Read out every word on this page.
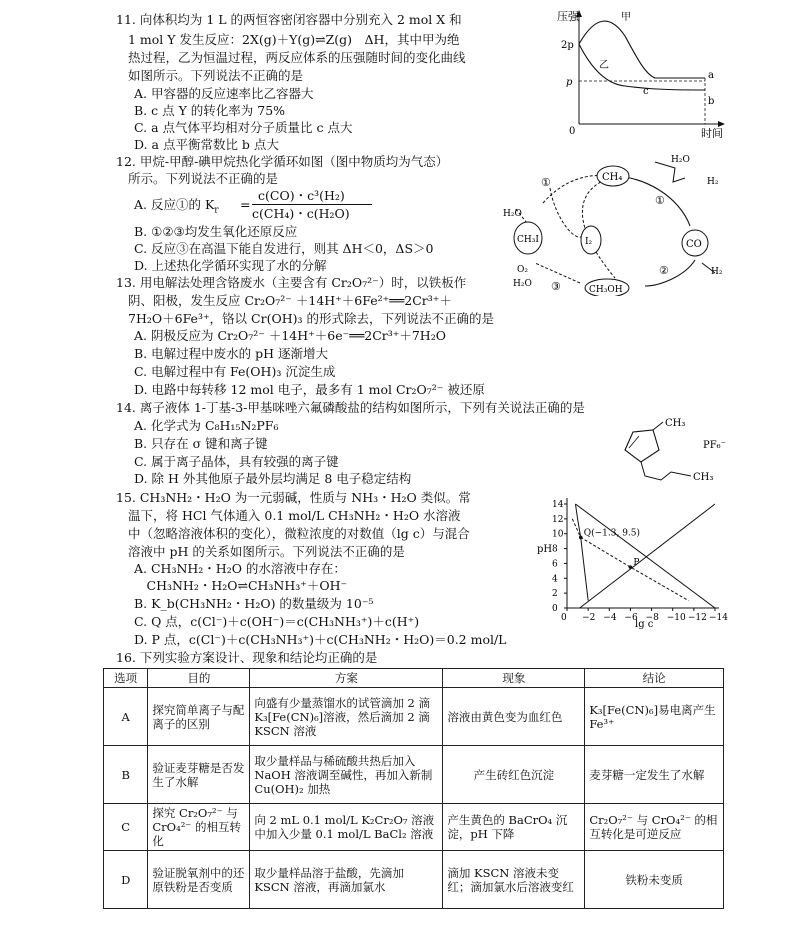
11. 向体积均为 1 L 的两恒容密闭容器中分别充入 2 mol X 和
1 mol Y 发生反应：2X(g)＋Y(g)⇌Z(g)　ΔH，其中甲为绝
热过程，乙为恒温过程，两反应体系的压强随时间的变化曲线
如图所示。下列说法不正确的是
A. 甲容器的反应速率比乙容器大
B. c 点 Y 的转化率为 75%
C. a 点气体平均相对分子质量比 c 点大
D. a 点平衡常数比 b 点大
压强
时间
0
2p
p
甲
乙
a
b
c
12. 甲烷-甲醇-碘甲烷热化学循环如图（图中物质均为气态）
所示。下列说法不正确的是
A. 反应①的 $K_r$ =
c(CO)・c³(H₂)
c(CH₄)・c(H₂O)
B. ①②③均发生氧化还原反应
C. 反应③在高温下能自发进行，则其 ΔH＜0，ΔS＞0
D. 上述热化学循环实现了水的分解
CH₄
CO
CH₃OH
CH₃I	I₂
H₂O
H₂
H₂O
H₂
O₂
H₂O
①
①
②
③
13. 用电解法处理含铬废水（主要含有 Cr₂O₇²⁻）时，以铁板作
阴、阳极，发生反应 Cr₂O₇²⁻ ＋14H⁺＋6Fe²⁺══2Cr³⁺＋
7H₂O＋6Fe³⁺，铬以 Cr(OH)₃ 的形式除去，下列说法不正确的是
A. 阴极反应为 Cr₂O₇²⁻ ＋14H⁺＋6e⁻══2Cr³⁺＋7H₂O
B. 电解过程中废水的 pH 逐渐增大
C. 电解过程中有 Fe(OH)₃ 沉淀生成
D. 电路中每转移 12 mol 电子，最多有 1 mol Cr₂O₇²⁻ 被还原
14. 离子液体 1-丁基-3-甲基咪唑六氟磷酸盐的结构如图所示，下列有关说法正确的是
A. 化学式为 C₈H₁₅N₂PF₆
B. 只存在 σ 键和离子键
C. 属于离子晶体，具有较强的离子键
D. 除 H 外其他原子最外层均满足 8 电子稳定结构
CH₃
CH₃
PF₆⁻
15. CH₃NH₂・H₂O 为一元弱碱，性质与 NH₃・H₂O 类似。常
温下，将 HCl 气体通入 0.1 mol/L CH₃NH₂・H₂O 水溶液
中（忽略溶液体积的变化），微粒浓度的对数值（lg c）与混合
溶液中 pH 的关系如图所示。下列说法不正确的是
A. CH₃NH₂・H₂O 的水溶液中存在：
　CH₃NH₂・H₂O⇌CH₃NH₃⁺＋OH⁻
B. K_b(CH₃NH₂・H₂O) 的数量级为 10⁻⁵
C. Q 点，c(Cl⁻)＋c(OH⁻)＝c(CH₃NH₃⁺)＋c(H⁺)
D. P 点，c(Cl⁻)＋c(CH₃NH₃⁺)＋c(CH₃NH₂・H₂O)＝0.2 mol/L
pH
lg c
0 −2 −4 −6 −8 −10 −12 −14
0
2
4
6
8
10
12
14
Q(−1.3, 9.5)
P
16. 下列实验方案设计、现象和结论均正确的是
选项	目的	方案	现象	结论
A	探究简单离子与配离子的区别	向盛有少量蒸馏水的试管滴加 2 滴 K₃[Fe(CN)₆]溶液，然后滴加 2 滴 KSCN 溶液	溶液由黄色变为血红色	K₃[Fe(CN)₆]易电离产生 Fe³⁺
B	验证麦芽糖是否发生了水解	取少量样品与稀硫酸共热后加入 NaOH 溶液调至碱性，再加入新制 Cu(OH)₂ 加热	产生砖红色沉淀	麦芽糖一定发生了水解
C	探究 Cr₂O₇²⁻ 与 CrO₄²⁻ 的相互转化	向 2 mL 0.1 mol/L K₂Cr₂O₇ 溶液中加入少量 0.1 mol/L BaCl₂ 溶液	产生黄色的 BaCrO₄ 沉淀，pH 下降	Cr₂O₇²⁻ 与 CrO₄²⁻ 的相互转化是可逆反应
D	验证脱氧剂中的还原铁粉是否变质	取少量样品溶于盐酸，先滴加 KSCN 溶液，再滴加氯水	滴加 KSCN 溶液未变红；滴加氯水后溶液变红	铁粉未变质
